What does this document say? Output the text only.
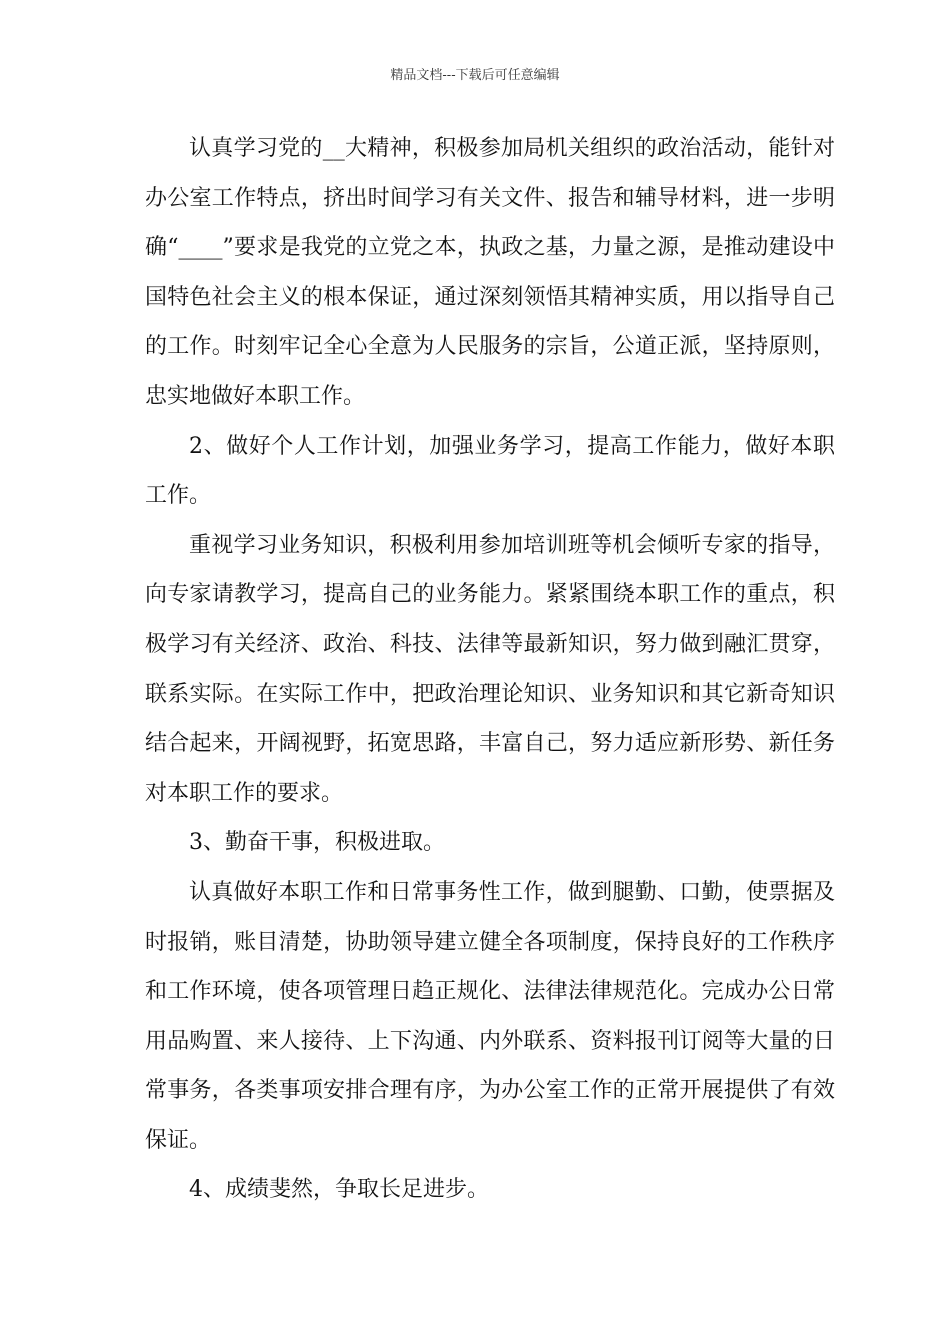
精品文档---下载后可任意编辑

认真学习党的__大精神，积极参加局机关组织的政治活动，能针对办公室工作特点，挤出时间学习有关文件、报告和辅导材料，进一步明确“____”要求是我党的立党之本，执政之基，力量之源，是推动建设中国特色社会主义的根本保证，通过深刻领悟其精神实质，用以指导自己的工作。时刻牢记全心全意为人民服务的宗旨，公道正派，坚持原则，忠实地做好本职工作。

2、做好个人工作计划，加强业务学习，提高工作能力，做好本职工作。

重视学习业务知识，积极利用参加培训班等机会倾听专家的指导，向专家请教学习，提高自己的业务能力。紧紧围绕本职工作的重点，积极学习有关经济、政治、科技、法律等最新知识，努力做到融汇贯穿，联系实际。在实际工作中，把政治理论知识、业务知识和其它新奇知识结合起来，开阔视野，拓宽思路，丰富自己，努力适应新形势、新任务对本职工作的要求。

3、勤奋干事，积极进取。

认真做好本职工作和日常事务性工作，做到腿勤、口勤，使票据及时报销，账目清楚，协助领导建立健全各项制度，保持良好的工作秩序和工作环境，使各项管理日趋正规化、法律法律规范化。完成办公日常用品购置、来人接待、上下沟通、内外联系、资料报刊订阅等大量的日常事务，各类事项安排合理有序，为办公室工作的正常开展提供了有效保证。

4、成绩斐然，争取长足进步。
